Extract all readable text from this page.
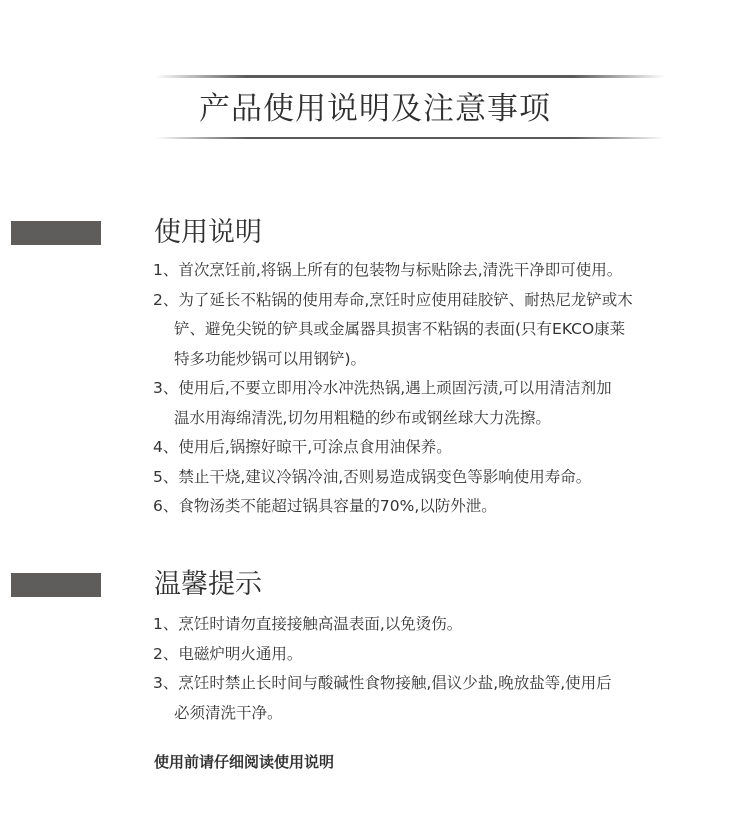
产品使用说明及注意事项
使用说明
1、首次烹饪前,将锅上所有的包装物与标贴除去,清洗干净即可使用。
2、为了延长不粘锅的使用寿命,烹饪时应使用硅胶铲、耐热尼龙铲或木
铲、避免尖锐的铲具或金属器具损害不粘锅的表面(只有EKCO康莱
特多功能炒锅可以用钢铲)。
3、使用后,不要立即用冷水冲洗热锅,遇上顽固污渍,可以用清洁剂加
温水用海绵清洗,切勿用粗糙的纱布或钢丝球大力洗擦。
4、使用后,锅擦好晾干,可涂点食用油保养。
5、禁止干烧,建议冷锅冷油,否则易造成锅变色等影响使用寿命。
6、食物汤类不能超过锅具容量的70%,以防外泄。
温馨提示
1、烹饪时请勿直接接触高温表面,以免烫伤。
2、电磁炉明火通用。
3、烹饪时禁止长时间与酸碱性食物接触,倡议少盐,晚放盐等,使用后
必须清洗干净。
使用前请仔细阅读使用说明
